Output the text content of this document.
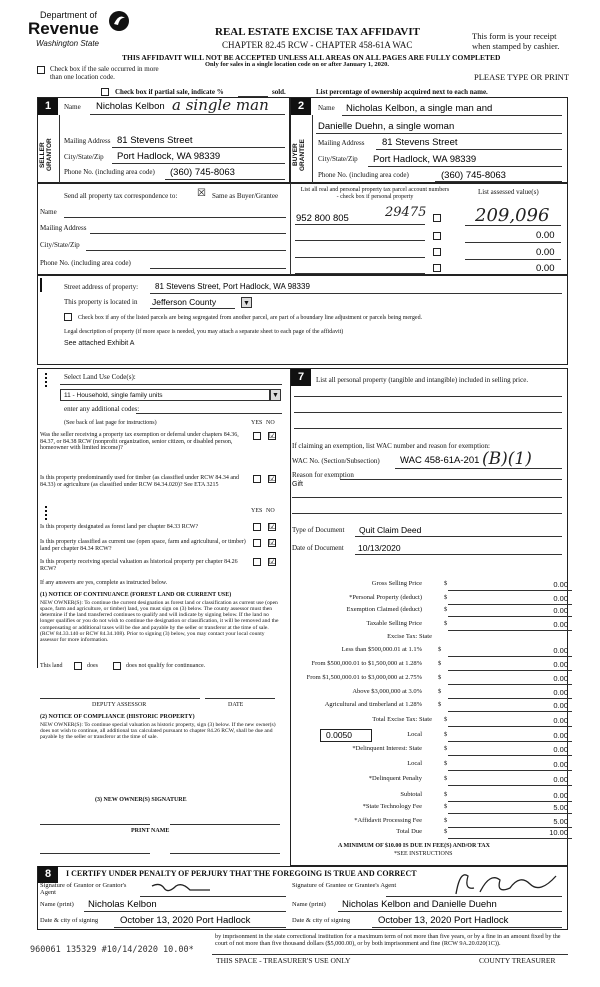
Department of
Revenue
Washington State
REAL ESTATE EXCISE TAX AFFIDAVIT
CHAPTER 82.45 RCW - CHAPTER 458-61A WAC
This form is your receipt when stamped by cashier.
THIS AFFIDAVIT WILL NOT BE ACCEPTED UNLESS ALL AREAS ON ALL PAGES ARE FULLY COMPLETED
Only for sales in a single location code on or after January 1, 2020.
Check box if the sale occurred in more than one location code.	PLEASE TYPE OR PRINT
Check box if partial sale, indicate %	sold.	List percentage of ownership acquired next to each name.
1
SELLER GRANTOR
Name Nicholas Kelbon a single man
Mailing Address 81 Stevens Street
City/State/Zip Port Hadlock, WA 98339
Phone No. (including area code) (360) 745-8063
2
BUYER GRANTEE
Name Nicholas Kelbon, a single man and
Danielle Duehn, a single woman
Mailing Address 81 Stevens Street
City/State/Zip Port Hadlock, WA 98339
Phone No. (including area code)	(360) 745-8063
Send all property tax correspondence to: ☒ Same as Buyer/Grantee
Name
Mailing Address
City/State/Zip
Phone No. (including area code)
List all real and personal property tax parcel account numbers - check box if personal property
List assessed value(s)
952 800 805	29475	209,096
0.00
0.00
0.00
Street address of property: 81 Stevens Street, Port Hadlock, WA 98339
This property is located in Jefferson County	▼
Check box if any of the listed parcels are being segregated from another parcel, are part of a boundary line adjustment or parcels being merged.
Legal description of property (if more space is needed, you may attach a separate sheet to each page of the affidavit)
See attached Exhibit A
Select Land Use Code(s):
11 - Household, single family units	▼
enter any additional codes:
(See back of last page for instructions)	YES NO
Was the seller receiving a property tax exemption or deferral under chapters 84.36, 84.37, or 84.38 RCW (nonprofit organization, senior citizen, or disabled person, homeowner with limited income)?
☑
Is this property predominantly used for timber (as classified under RCW 84.34 and 84.33) or agriculture (as classified under RCW 84.34.020)? See ETA 3215
☑
YES NO
Is this property designated as forest land per chapter 84.33 RCW?	☑
Is this property classified as current use (open space, farm and agricultural, or timber) land per chapter 84.34 RCW?
☑
Is this property receiving special valuation as historical property per chapter 84.26 RCW?
☑
If any answers are yes, complete as instructed below.
(1) NOTICE OF CONTINUANCE (FOREST LAND OR CURRENT USE)
NEW OWNER(S): To continue the current designation as forest land or classification as current use (open space, farm and agriculture, or timber) land, you must sign on (3) below. The county assessor must then determine if the land transferred continues to qualify and will indicate by signing below. If the land no longer qualifies or you do not wish to continue the designation or classification, it will be removed and the compensating or additional taxes will be due and payable by the seller or transferor at the time of sale. (RCW 84.33.140 or RCW 84.34.108). Prior to signing (3) below, you may contact your local county assessor for more information.
This land	does	does not qualify for continuance.
DEPUTY ASSESSOR	DATE
(2) NOTICE OF COMPLIANCE (HISTORIC PROPERTY)
NEW OWNER(S): To continue special valuation as historic property, sign (3) below. If the new owner(s) does not wish to continue, all additional tax calculated pursuant to chapter 84.26 RCW, shall be due and payable by the seller or transferor at the time of sale.
(3) NEW OWNER(S) SIGNATURE
PRINT NAME
7	List all personal property (tangible and intangible) included in selling price.
If claiming an exemption, list WAC number and reason for exemption:
WAC No. (Section/Subsection) WAC 458-61A-201 (B)(1)
Reason for exemption
Gift
Type of Document Quit Claim Deed
Date of Document 10/13/2020
Gross Selling Price	$	0.00
*Personal Property (deduct)	$	0.00
Exemption Claimed (deduct)	$	0.00
Taxable Selling Price	$	0.00
Excise Tax: State
Less than $500,000.01 at 1.1% $	0.00
From $500,000.01 to $1,500,000 at 1.28% $	0.00
From $1,500,000.01 to $3,000,000 at 2.75% $	0.00
Above $3,000,000 at 3.0% $	0.00
Agricultural and timberland at 1.28% $	0.00
Total Excise Tax: State $	0.00
Local	$	0.00
*Delinquent Interest: State	$	0.00
Local	$	0.00
*Delinquent Penalty	$	0.00
Subtotal	$	0.00
*State Technology Fee	$	5.00
*Affidavit Processing Fee	$	5.00
Total Due	$	10.00
0.0050
A MINIMUM OF $10.00 IS DUE IN FEE(S) AND/OR TAX
*SEE INSTRUCTIONS
8	I CERTIFY UNDER PENALTY OF PERJURY THAT THE FOREGOING IS TRUE AND CORRECT
Signature of Grantor or Grantor's Agent
Signature of Grantee or Grantee's Agent
Name (print) Nicholas Kelbon	Name (print) Nicholas Kelbon and Danielle Duehn
Date & city of signing October 13, 2020 Port Hadlock	Date & city of signing	October 13, 2020 Port Hadlock
by imprisonment in the state correctional institution for a maximum term of not more than five years, or by a fine in an amount fixed by the court of not more than five thousand dollars ($5,000.00), or by both imprisonment and fine (RCW 9A.20.020(1C)).
960061 135329 #10/14/2020 10.00*
THIS SPACE - TREASURER'S USE ONLY	COUNTY TREASURER
